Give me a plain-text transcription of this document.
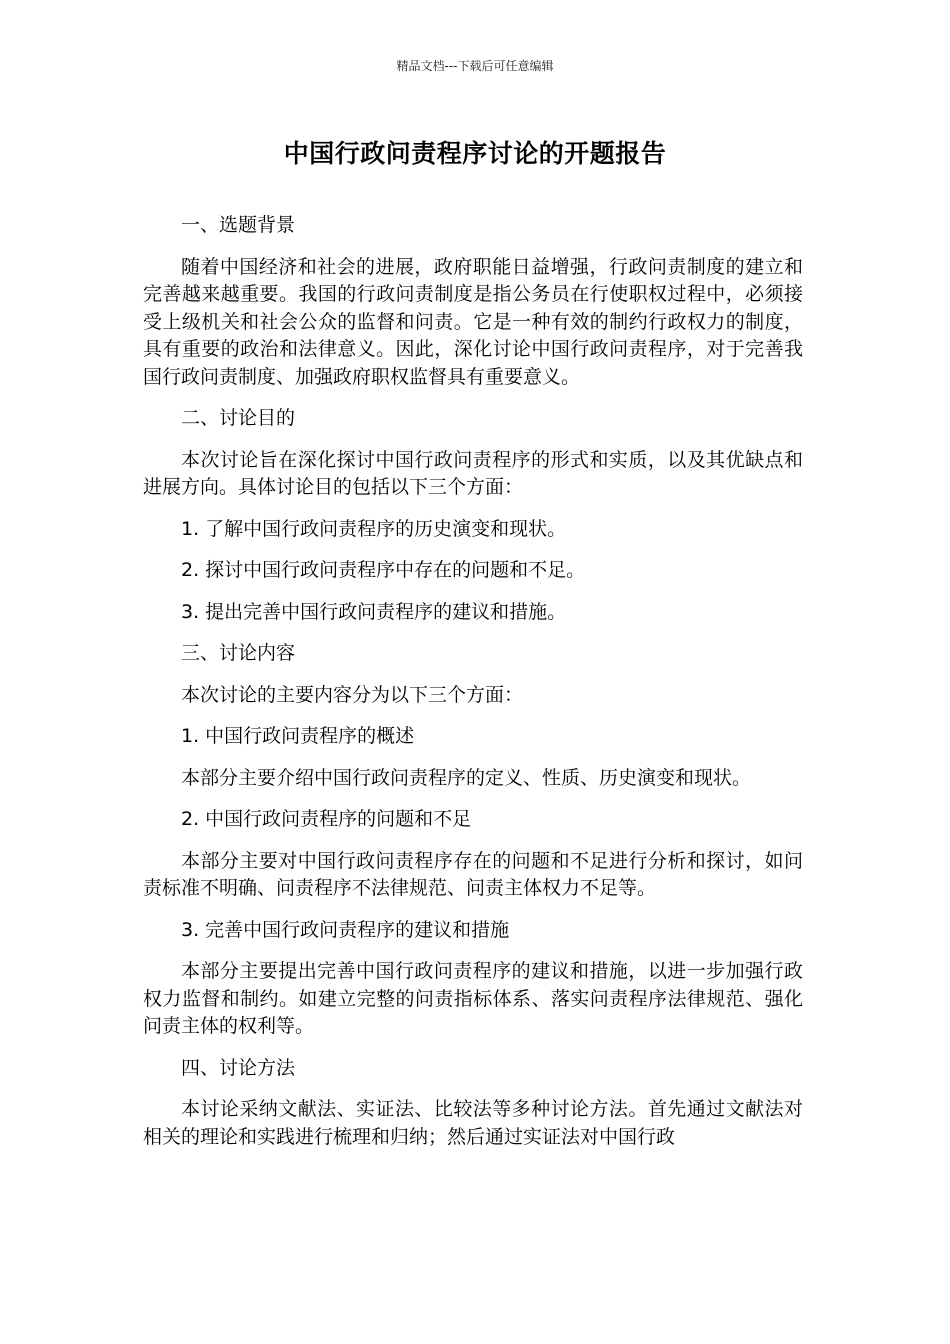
精品文档---下载后可任意编辑
中国行政问责程序讨论的开题报告

一、选题背景

随着中国经济和社会的进展，政府职能日益增强，行政问责制度的建立和完善越来越重要。我国的行政问责制度是指公务员在行使职权过程中，必须接受上级机关和社会公众的监督和问责。它是一种有效的制约行政权力的制度，具有重要的政治和法律意义。因此，深化讨论中国行政问责程序，对于完善我国行政问责制度、加强政府职权监督具有重要意义。

二、讨论目的

本次讨论旨在深化探讨中国行政问责程序的形式和实质，以及其优缺点和进展方向。具体讨论目的包括以下三个方面：

1. 了解中国行政问责程序的历史演变和现状。

2. 探讨中国行政问责程序中存在的问题和不足。

3. 提出完善中国行政问责程序的建议和措施。

三、讨论内容

本次讨论的主要内容分为以下三个方面：

1. 中国行政问责程序的概述

本部分主要介绍中国行政问责程序的定义、性质、历史演变和现状。

2. 中国行政问责程序的问题和不足

本部分主要对中国行政问责程序存在的问题和不足进行分析和探讨，如问责标准不明确、问责程序不法律规范、问责主体权力不足等。

3. 完善中国行政问责程序的建议和措施

本部分主要提出完善中国行政问责程序的建议和措施，以进一步加强行政权力监督和制约。如建立完整的问责指标体系、落实问责程序法律规范、强化问责主体的权利等。

四、讨论方法

本讨论采纳文献法、实证法、比较法等多种讨论方法。首先通过文献法对相关的理论和实践进行梳理和归纳；然后通过实证法对中国行政
